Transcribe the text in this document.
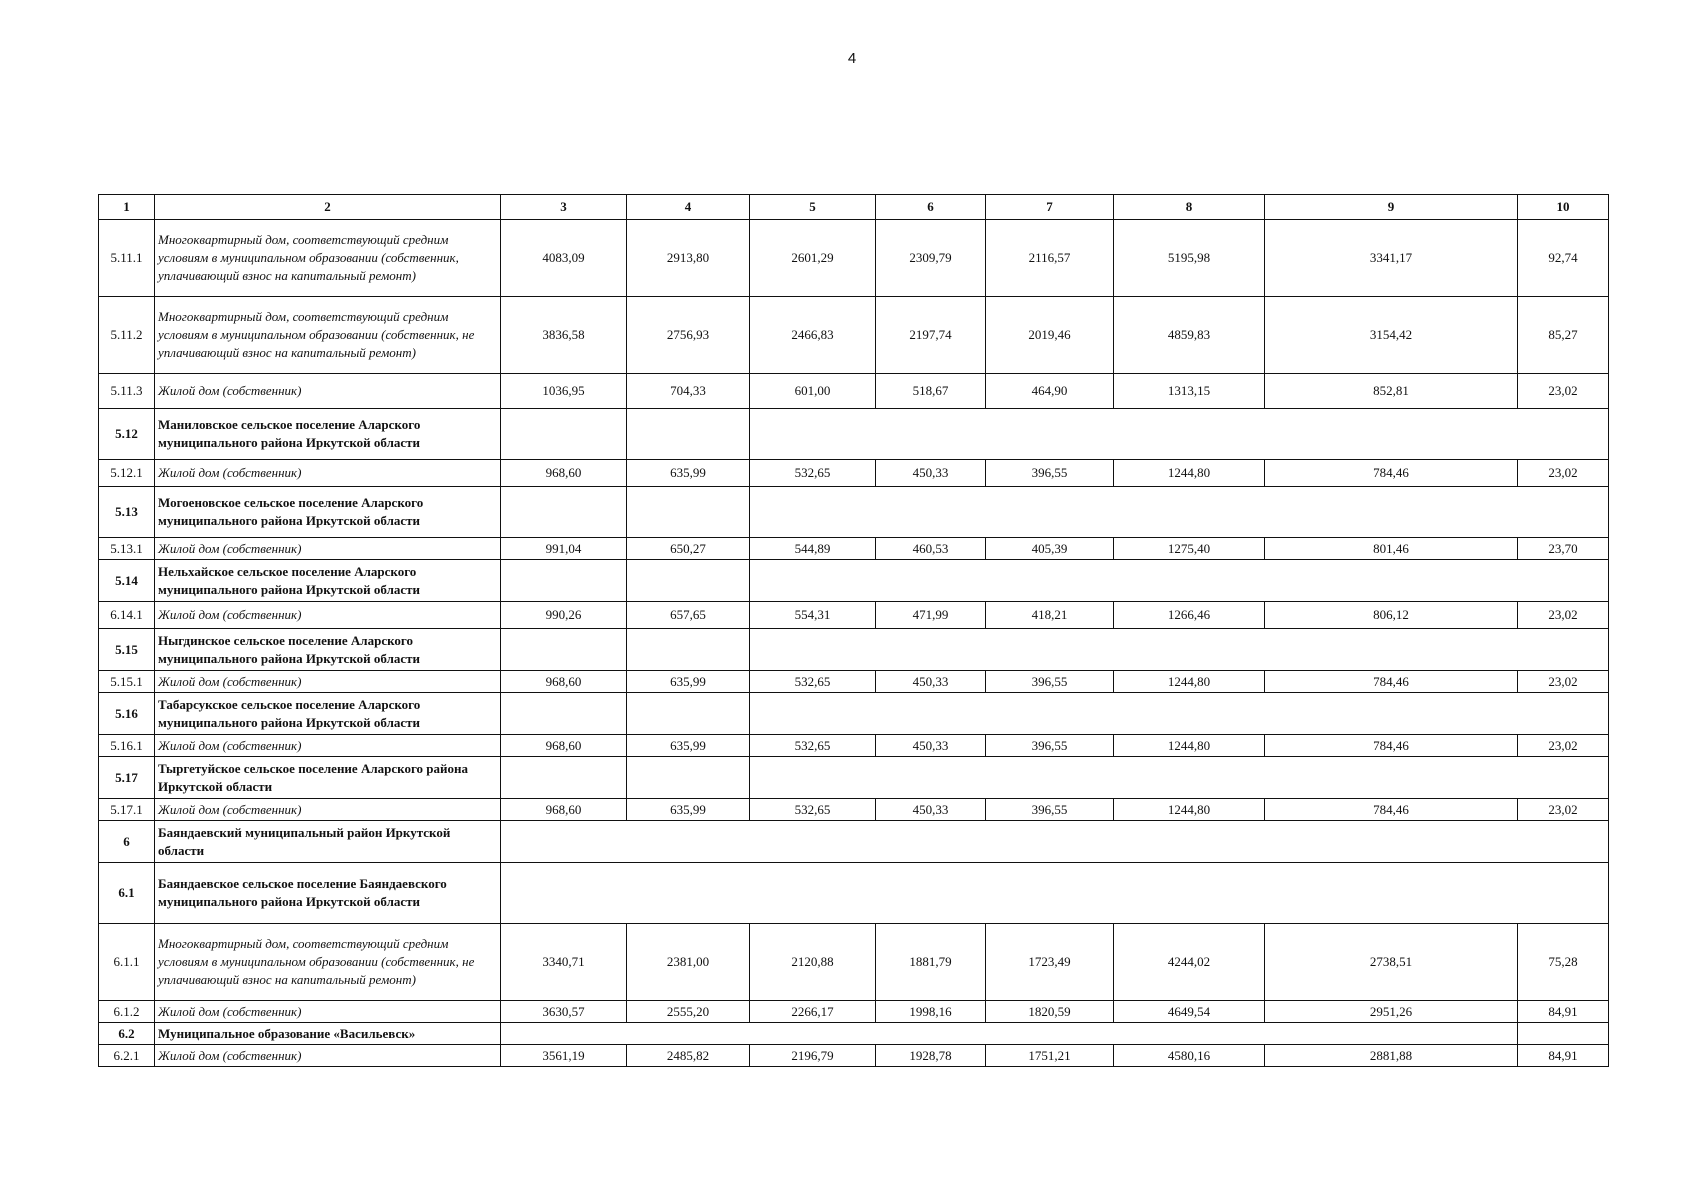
4
1	2	3	4	5	6	7	8	9	10
5.11.1	Многоквартирный дом, соответствующий средним условиям в муниципальном образовании (собственник, уплачивающий взнос на капитальный ремонт)	4083,09	2913,80	2601,29	2309,79	2116,57	5195,98	3341,17	92,74
5.11.2	Многоквартирный дом, соответствующий средним условиям в муниципальном образовании (собственник, не уплачивающий взнос на капитальный ремонт)	3836,58	2756,93	2466,83	2197,74	2019,46	4859,83	3154,42	85,27
5.11.3	Жилой дом (собственник)	1036,95	704,33	601,00	518,67	464,90	1313,15	852,81	23,02
5.12	Маниловское сельское поселение Аларского муниципального района Иркутской области								
5.12.1	Жилой дом (собственник)	968,60	635,99	532,65	450,33	396,55	1244,80	784,46	23,02
5.13	Могоеновское сельское поселение Аларского муниципального района Иркутской области								
5.13.1	Жилой дом (собственник)	991,04	650,27	544,89	460,53	405,39	1275,40	801,46	23,70
5.14	Нельхайское сельское поселение Аларского муниципального района Иркутской области								
6.14.1	Жилой дом (собственник)	990,26	657,65	554,31	471,99	418,21	1266,46	806,12	23,02
5.15	Ныгдинское сельское поселение Аларского муниципального района Иркутской области								
5.15.1	Жилой дом (собственник)	968,60	635,99	532,65	450,33	396,55	1244,80	784,46	23,02
5.16	Табарсукское сельское поселение Аларского муниципального района Иркутской области								
5.16.1	Жилой дом (собственник)	968,60	635,99	532,65	450,33	396,55	1244,80	784,46	23,02
5.17	Тыргетуйское сельское поселение Аларского района Иркутской области								
5.17.1	Жилой дом (собственник)	968,60	635,99	532,65	450,33	396,55	1244,80	784,46	23,02
6	Баяндаевский муниципальный район Иркутской области								
6.1	Баяндаевское сельское поселение Баяндаевского муниципального района Иркутской области								
6.1.1	Многоквартирный дом, соответствующий средним условиям в муниципальном образовании (собственник, не уплачивающий взнос на капитальный ремонт)	3340,71	2381,00	2120,88	1881,79	1723,49	4244,02	2738,51	75,28
6.1.2	Жилой дом (собственник)	3630,57	2555,20	2266,17	1998,16	1820,59	4649,54	2951,26	84,91
6.2	Муниципальное образование «Васильевск»								
6.2.1	Жилой дом (собственник)	3561,19	2485,82	2196,79	1928,78	1751,21	4580,16	2881,88	84,91
